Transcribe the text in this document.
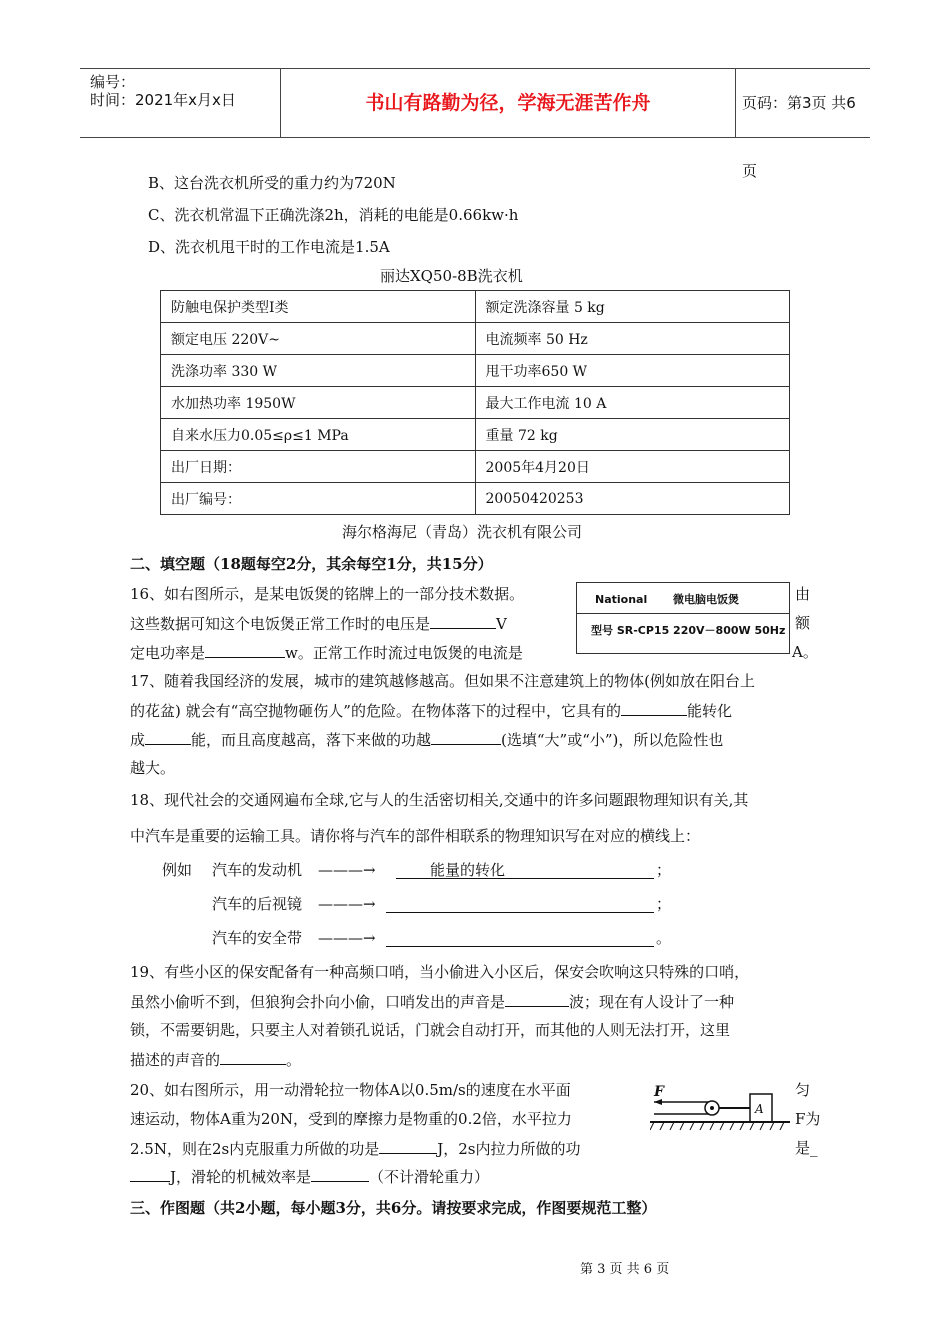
编号：
时间：2021年x月x日	书山有路勤为径，学海无涯苦作舟	页码：第3页 共6页
B、这台洗衣机所受的重力约为720N
C、洗衣机常温下正确洗涤2h，消耗的电能是0.66kw·h
D、洗衣机甩干时的工作电流是1.5A
丽达XQ50-8B洗衣机
防触电保护类型Ⅰ类	额定洗涤容量 5 kg
额定电压 220V~	电流频率 50 Hz
洗涤功率 330 W	甩干功率650 W
水加热功率 1950W	最大工作电流 10 A
自来水压力0.05≤ρ≤1 MPa	重量 72 kg
出厂日期：	2005年4月20日
出厂编号：	20050420253
海尔格海尼（青岛）洗衣机有限公司
二、填空题（18题每空2分，其余每空1分，共15分）
16、如右图所示，是某电饭煲的铭牌上的一部分技术数据。	由
这些数据可知这个电饭煲正常工作时的电压是	V	额
定电功率是	w。正常工作时流过电饭煲的电流是	A。
National 微电脑电饭煲
型号 SR-CP15 220V－800W 50Hz
17、随着我国经济的发展，城市的建筑越修越高。但如果不注意建筑上的物体(例如放在阳台上
的花盆) 就会有“高空抛物砸伤人”的危险。在物体落下的过程中，它具有的	能转化
成	能，而且高度越高，落下来做的功越	(选填“大”或“小”)，所以危险性也
越大。
18、现代社会的交通网遍布全球,它与人的生活密切相关,交通中的许多问题跟物理知识有关,其
中汽车是重要的运输工具。请你将与汽车的部件相联系的物理知识写在对应的横线上：
例如 汽车的发动机 ———→	能量的转化	；
汽车的后视镜 ———→	；
汽车的安全带 ———→	。
19、有些小区的保安配备有一种高频口哨，当小偷进入小区后，保安会吹响这只特殊的口哨，
虽然小偷听不到，但狼狗会扑向小偷，口哨发出的声音是	波；现在有人设计了一种
锁，不需要钥匙，只要主人对着锁孔说话，门就会自动打开，而其他的人则无法打开，这里
描述的声音的	。
20、如右图所示，用一动滑轮拉一物体A以0.5m/s的速度在水平面	匀
速运动，物体A重为20N，受到的摩擦力是物重的0.2倍，水平拉力	F为
2.5N，则在2s内克服重力所做的功是	J，2s内拉力所做的功	是_
J，滑轮的机械效率是	（不计滑轮重力）
F
A
三、作图题（共2小题，每小题3分，共6分。请按要求完成，作图要规范工整）
第 3 页 共 6 页
